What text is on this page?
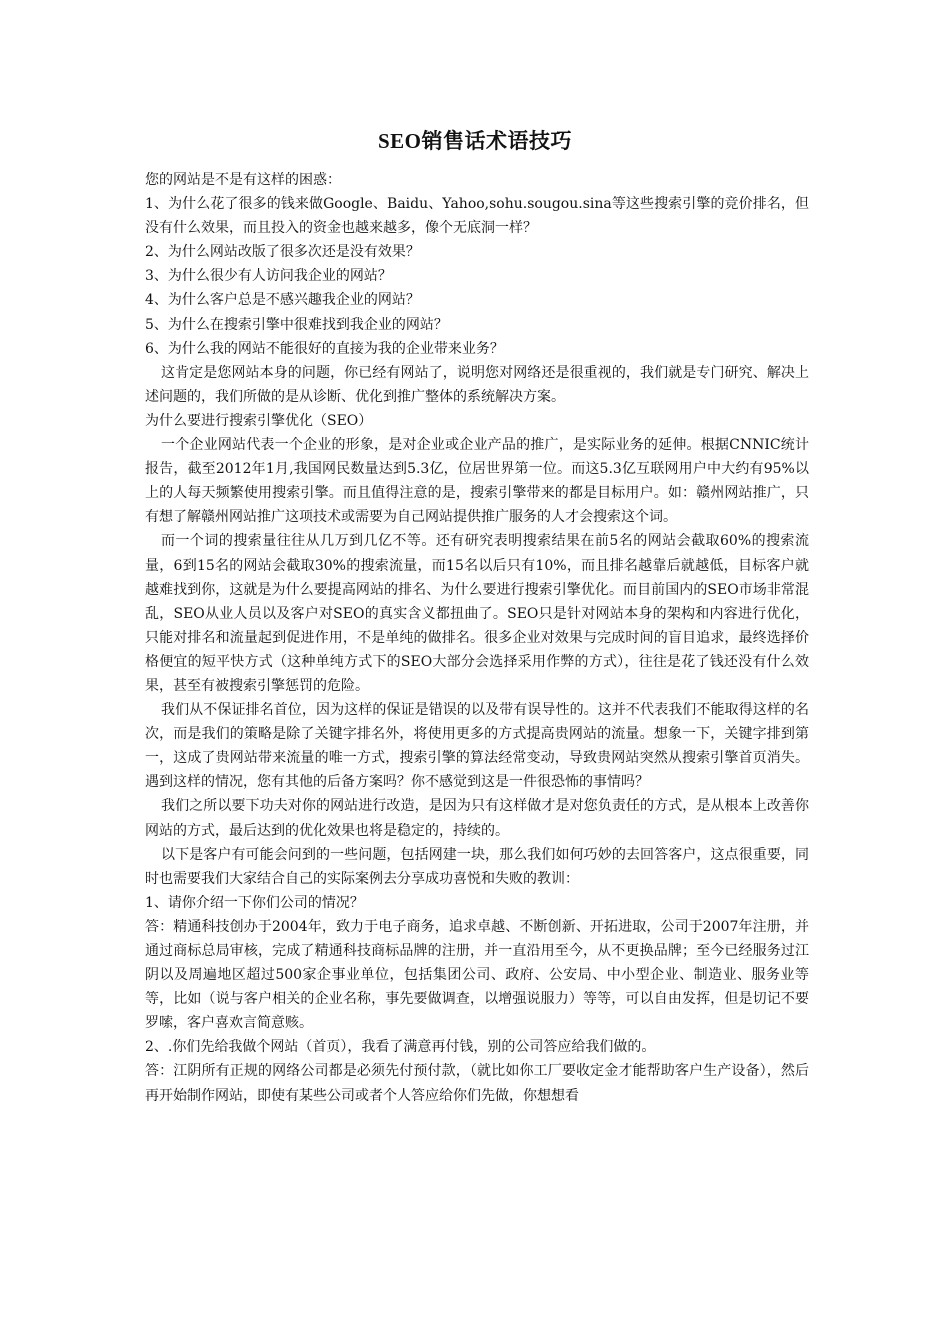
SEO销售话术语技巧

您的网站是不是有这样的困惑：

1、为什么花了很多的钱来做Google、Baidu、Yahoo,sohu.sougou.sina等这些搜索引擎的竞价排名，但没有什么效果，而且投入的资金也越来越多，像个无底洞一样？

2、为什么网站改版了很多次还是没有效果？

3、为什么很少有人访问我企业的网站？

4、为什么客户总是不感兴趣我企业的网站？

5、为什么在搜索引擎中很难找到我企业的网站？

6、为什么我的网站不能很好的直接为我的企业带来业务？

这肯定是您网站本身的问题，你已经有网站了，说明您对网络还是很重视的，我们就是专门研究、解决上述问题的，我们所做的是从诊断、优化到推广整体的系统解决方案。

为什么要进行搜索引擎优化（SEO）

一个企业网站代表一个企业的形象，是对企业或企业产品的推广，是实际业务的延伸。根据CNNIC统计报告，截至2012年1月,我国网民数量达到5.3亿，位居世界第一位。而这5.3亿互联网用户中大约有95%以上的人每天频繁使用搜索引擎。而且值得注意的是，搜索引擎带来的都是目标用户。如：赣州网站推广，只有想了解赣州网站推广这项技术或需要为自己网站提供推广服务的人才会搜索这个词。

而一个词的搜索量往往从几万到几亿不等。还有研究表明搜索结果在前5名的网站会截取60%的搜索流量，6到15名的网站会截取30%的搜索流量，而15名以后只有10%，而且排名越靠后就越低，目标客户就越难找到你，这就是为什么要提高网站的排名、为什么要进行搜索引擎优化。而目前国内的SEO市场非常混乱，SEO从业人员以及客户对SEO的真实含义都扭曲了。SEO只是针对网站本身的架构和内容进行优化，只能对排名和流量起到促进作用，不是单纯的做排名。很多企业对效果与完成时间的盲目追求，最终选择价格便宜的短平快方式（这种单纯方式下的SEO大部分会选择采用作弊的方式），往往是花了钱还没有什么效果，甚至有被搜索引擎惩罚的危险。

我们从不保证排名首位，因为这样的保证是错误的以及带有误导性的。这并不代表我们不能取得这样的名次，而是我们的策略是除了关键字排名外，将使用更多的方式提高贵网站的流量。想象一下，关键字排到第一，这成了贵网站带来流量的唯一方式，搜索引擎的算法经常变动，导致贵网站突然从搜索引擎首页消失。遇到这样的情况，您有其他的后备方案吗？你不感觉到这是一件很恐怖的事情吗？

我们之所以要下功夫对你的网站进行改造，是因为只有这样做才是对您负责任的方式，是从根本上改善你网站的方式，最后达到的优化效果也将是稳定的，持续的。

以下是客户有可能会问到的一些问题，包括网建一块，那么我们如何巧妙的去回答客户，这点很重要，同时也需要我们大家结合自己的实际案例去分享成功喜悦和失败的教训：

1、请你介绍一下你们公司的情况？

答：精通科技创办于2004年，致力于电子商务，追求卓越、不断创新、开拓进取，公司于2007年注册，并通过商标总局审核，完成了精通科技商标品牌的注册，并一直沿用至今，从不更换品牌；至今已经服务过江阴以及周遍地区超过500家企事业单位，包括集团公司、政府、公安局、中小型企业、制造业、服务业等等，比如（说与客户相关的企业名称，事先要做调查，以增强说服力）等等，可以自由发挥，但是切记不要罗嗦，客户喜欢言简意赅。

2、.你们先给我做个网站（首页），我看了满意再付钱，别的公司答应给我们做的。

答：江阴所有正规的网络公司都是必须先付预付款，（就比如你工厂要收定金才能帮助客户生产设备），然后再开始制作网站，即使有某些公司或者个人答应给你们先做，你想想看
